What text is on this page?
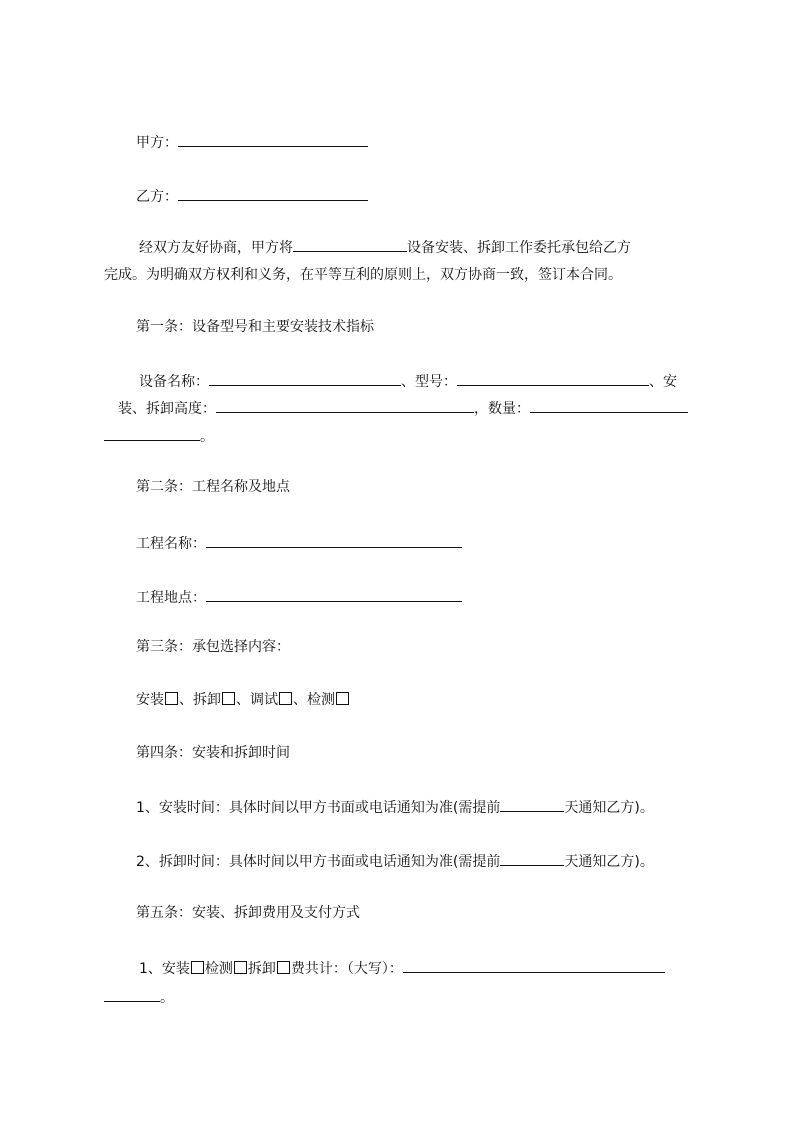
甲方：
乙方：
经双方友好协商，甲方将	设备安装、拆卸工作委托承包给乙方
完成。为明确双方权利和义务，在平等互利的原则上，双方协商一致，签订本合同。
第一条：设备型号和主要安装技术指标
设备名称：	、型号：	、安
装、拆卸高度：	，数量：
。
第二条：工程名称及地点
工程名称：
工程地点：
第三条：承包选择内容：
安装 、拆卸 、调试 、检测
第四条：安装和拆卸时间
1、安装时间：具体时间以甲方书面或电话通知为准(需提前	天通知乙方)。
2、拆卸时间：具体时间以甲方书面或电话通知为准(需提前	天通知乙方)。
第五条：安装、拆卸费用及支付方式
1、安装 检测 拆卸 费共计：（大写）：
。
